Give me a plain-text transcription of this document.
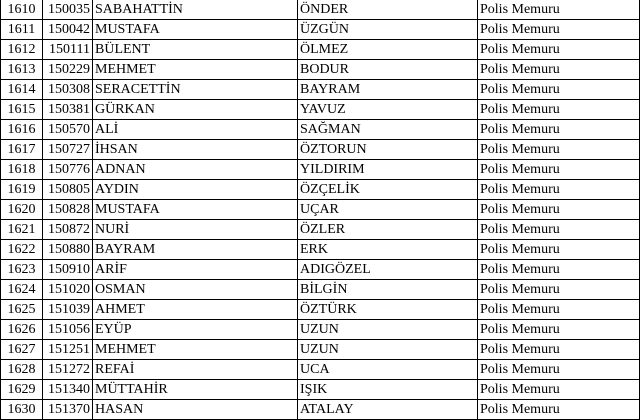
1610	150035	SABAHATTİN	ÖNDER	Polis Memuru
1611	150042	MUSTAFA	ÜZGÜN	Polis Memuru
1612	150111	BÜLENT	ÖLMEZ	Polis Memuru
1613	150229	MEHMET	BODUR	Polis Memuru
1614	150308	SERACETTİN	BAYRAM	Polis Memuru
1615	150381	GÜRKAN	YAVUZ	Polis Memuru
1616	150570	ALİ	SAĞMAN	Polis Memuru
1617	150727	İHSAN	ÖZTORUN	Polis Memuru
1618	150776	ADNAN	YILDIRIM	Polis Memuru
1619	150805	AYDIN	ÖZÇELİK	Polis Memuru
1620	150828	MUSTAFA	UÇAR	Polis Memuru
1621	150872	NURİ	ÖZLER	Polis Memuru
1622	150880	BAYRAM	ERK	Polis Memuru
1623	150910	ARİF	ADIGÖZEL	Polis Memuru
1624	151020	OSMAN	BİLGİN	Polis Memuru
1625	151039	AHMET	ÖZTÜRK	Polis Memuru
1626	151056	EYÜP	UZUN	Polis Memuru
1627	151251	MEHMET	UZUN	Polis Memuru
1628	151272	REFAİ	UCA	Polis Memuru
1629	151340	MÜTTAHİR	IŞIK	Polis Memuru
1630	151370	HASAN	ATALAY	Polis Memuru
